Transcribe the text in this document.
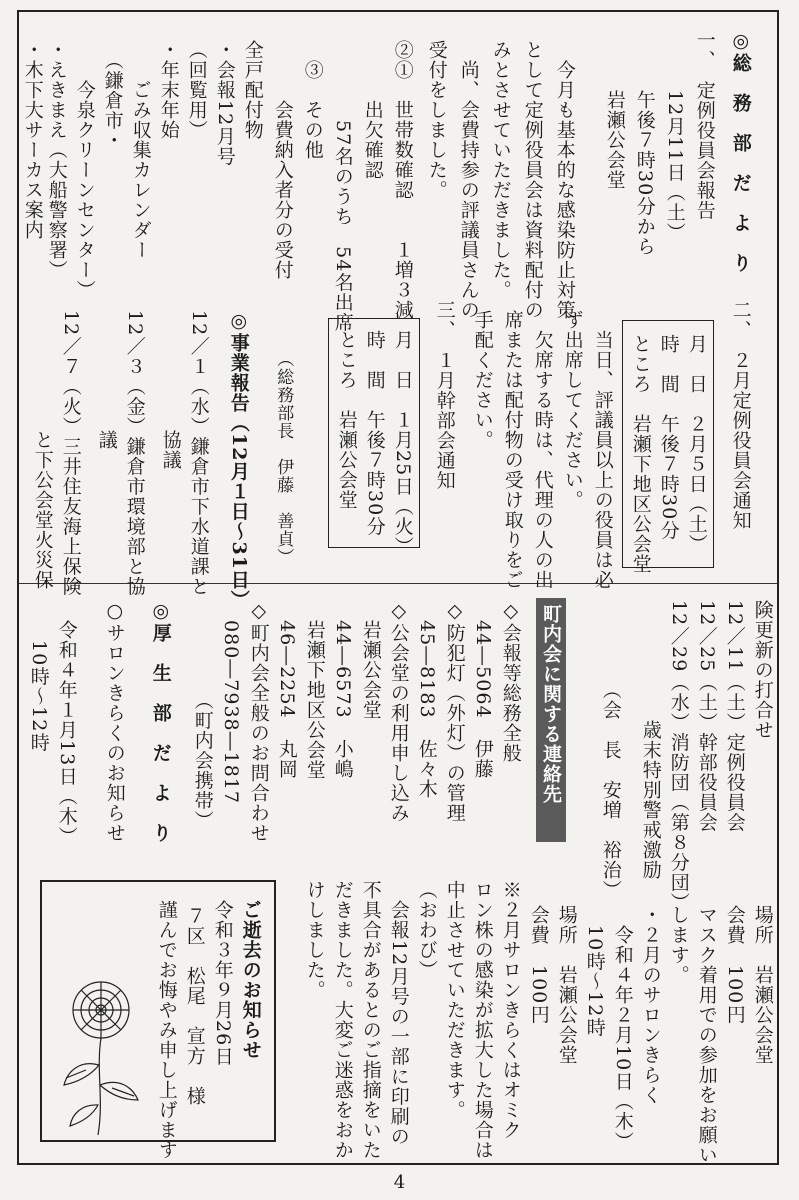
◎総　務　部　だ　よ　り
一、　定例役員会報告
12月11日（土）
午後７時30分から
岩瀬公会堂
今月も基本的な感染防止対策
として定例役員会は資料配付の
みとさせていただきました。
尚、会費持参の評議員さんの
受付をしました。
②①　世帯数確認　　１増３減
　　　出欠確認
　　　　57名のうち　54名出席
　③　その他
　　　会費納入者分の受付
全戸配付物
・会報12月号
（回覧用）
・年末年始
　　ごみ収集カレンダー
　（鎌倉市・
　　今泉クリーンセンター）
・えきまえ（大船警察署）
・木下大サーカス案内
二、　２月定例役員会通知
月　日　２月５日（土）
時　間　午後７時30分
ところ　岩瀬下地区公会堂
当日、評議員以上の役員は必
ず出席してください。
　欠席する時は、代理の人の出
席または配付物の受け取りをご
手配ください。
三、　１月幹部会通知
月　日　１月25日（火）
時　間　午後７時30分
ところ　岩瀬公会堂
（総務部長　伊藤　善貞）
◎事業報告（12月１日〜31日）
12／１（水）鎌倉市下水道課と
　　　　　　協議
12／３（金）鎌倉市環境部と協
　　　　　　議
12／７（火）三井住友海上保険
　　　　　　と下公会堂火災保
険更新の打合せ
12／11（土）定例役員会
12／25（土）幹部役員会
12／29（水）消防団（第８分団）
　　　　　　歳末特別警戒激励
（会　長　安増　裕治）
町内会に関する連絡先
◇会報等総務全般
　44―5064　伊藤
◇防犯灯（外灯）の管理
　45―8183　佐々木
◇公会堂の利用申し込み
　岩瀬公会堂
　44―6573　小嶋
　岩瀬下地区公会堂
　46―2254　丸岡
◇町内会全般のお問合わせ
　080―7938―1817
　　　　　（町内会携帯）
◎厚　生　部　だ　よ　り
○サロンきらくのお知らせ
令和４年１月13日（木）
10時〜12時
場所　岩瀬公会堂
会費　100円
マスク着用での参加をお願い
します。
・２月のサロンきらく
　令和４年２月10日（木）
　10時〜12時
場所　岩瀬公会堂
会費　100円
※２月サロンきらくはオミク
ロン株の感染が拡大した場合は
中止させていただきます。
（おわび）
　会報12月号の一部に印刷の
不具合があるとのご指摘をいた
だきました。大変ご迷惑をおか
けしました。
ご逝去のお知らせ
令和３年９月26日
７区　松尾　宣方　様
謹んでお悔やみ申し上げます
4
